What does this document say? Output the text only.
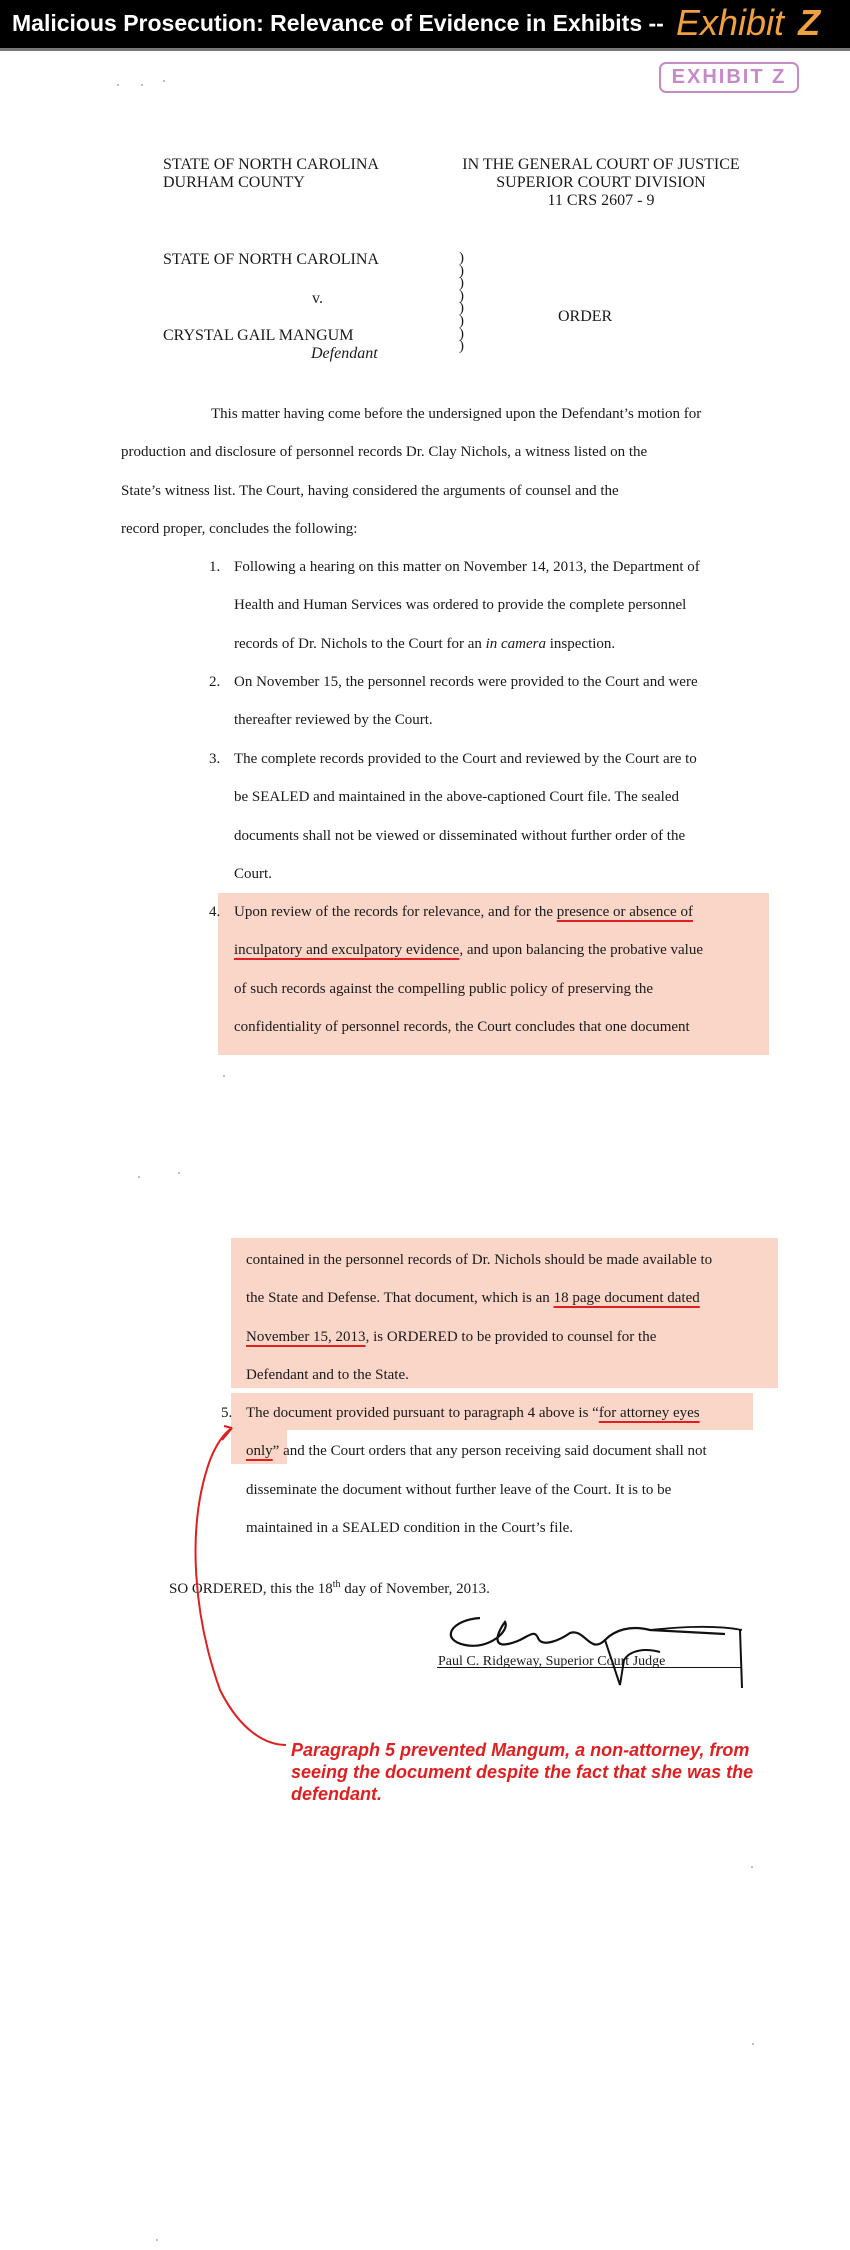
Malicious Prosecution: Relevance of Evidence in Exhibits -- Exhibit Z
EXHIBIT Z
STATE OF NORTH CAROLINA
DURHAM COUNTY
IN THE GENERAL COURT OF JUSTICE
SUPERIOR COURT DIVISION
11 CRS 2607 - 9
STATE OF NORTH CAROLINA
v.
CRYSTAL GAIL MANGUM
Defendant
ORDER
)
)
)
)
)
)
)
)
This matter having come before the undersigned upon the Defendant’s motion for
production and disclosure of personnel records Dr. Clay Nichols, a witness listed on the
State’s witness list. The Court, having considered the arguments of counsel and the
record proper, concludes the following:
1. Following a hearing on this matter on November 14, 2013, the Department of
Health and Human Services was ordered to provide the complete personnel
records of Dr. Nichols to the Court for an in camera inspection.
2. On November 15, the personnel records were provided to the Court and were
thereafter reviewed by the Court.
3. The complete records provided to the Court and reviewed by the Court are to
be SEALED and maintained in the above-captioned Court file. The sealed
documents shall not be viewed or disseminated without further order of the
Court.
4. Upon review of the records for relevance, and for the presence or absence of
inculpatory and exculpatory evidence, and upon balancing the probative value
of such records against the compelling public policy of preserving the
confidentiality of personnel records, the Court concludes that one document
contained in the personnel records of Dr. Nichols should be made available to
the State and Defense. That document, which is an 18 page document dated
November 15, 2013, is ORDERED to be provided to counsel for the
Defendant and to the State.
5. The document provided pursuant to paragraph 4 above is “for attorney eyes
only” and the Court orders that any person receiving said document shall not
disseminate the document without further leave of the Court. It is to be
maintained in a SEALED condition in the Court’s file.
SO ORDERED, this the 18th day of November, 2013.
Paul C. Ridgeway, Superior Court Judge
Paragraph 5 prevented Mangum, a non-attorney, from seeing the document despite the fact that she was the defendant.
